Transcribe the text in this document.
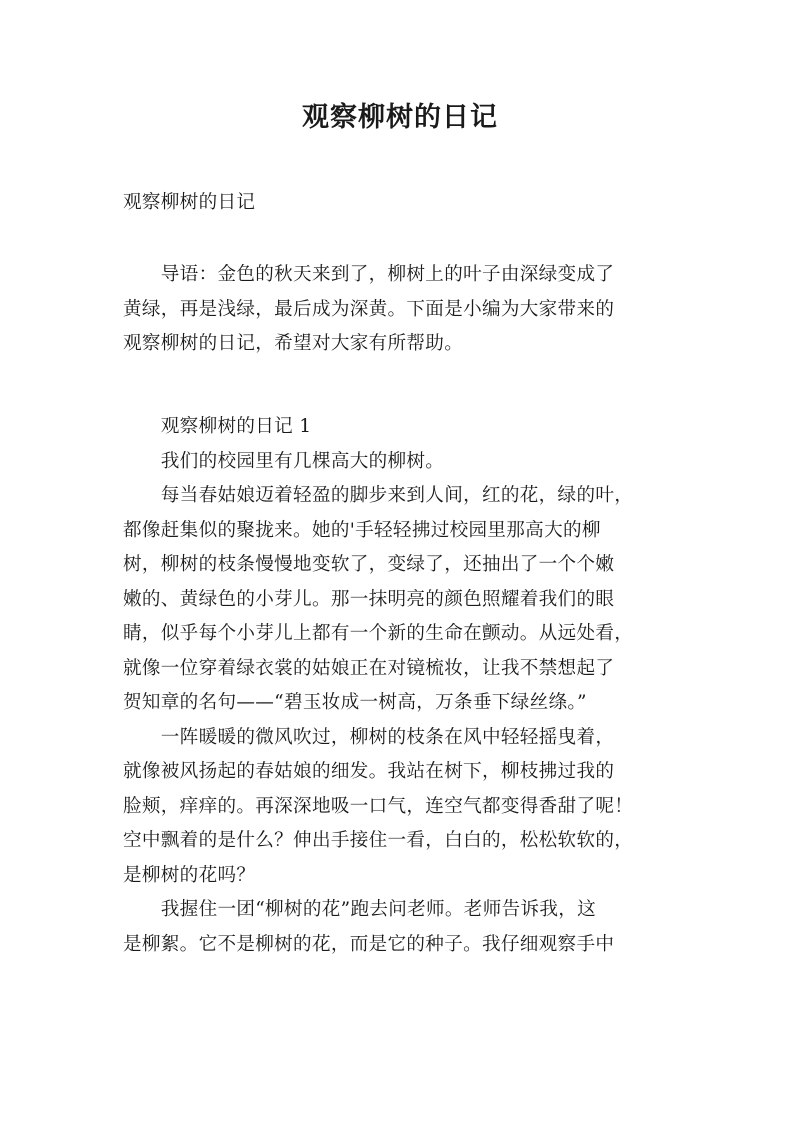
观察柳树的日记
观察柳树的日记
　　导语：金色的秋天来到了，柳树上的叶子由深绿变成了
黄绿，再是浅绿，最后成为深黄。下面是小编为大家带来的
观察柳树的日记，希望对大家有所帮助。
　　观察柳树的日记 1
　　我们的校园里有几棵高大的柳树。
　　每当春姑娘迈着轻盈的脚步来到人间，红的花，绿的叶，
都像赶集似的聚拢来。她的'手轻轻拂过校园里那高大的柳
树，柳树的枝条慢慢地变软了，变绿了，还抽出了一个个嫩
嫩的、黄绿色的小芽儿。那一抹明亮的颜色照耀着我们的眼
睛，似乎每个小芽儿上都有一个新的生命在颤动。从远处看，
就像一位穿着绿衣裳的姑娘正在对镜梳妆，让我不禁想起了
贺知章的名句——“碧玉妆成一树高，万条垂下绿丝绦。”
　　一阵暖暖的微风吹过，柳树的枝条在风中轻轻摇曳着，
就像被风扬起的春姑娘的细发。我站在树下，柳枝拂过我的
脸颊，痒痒的。再深深地吸一口气，连空气都变得香甜了呢！
空中飘着的是什么？伸出手接住一看，白白的，松松软软的，
是柳树的花吗？
　　我握住一团“柳树的花”跑去问老师。老师告诉我，这
是柳絮。它不是柳树的花，而是它的种子。我仔细观察手中
